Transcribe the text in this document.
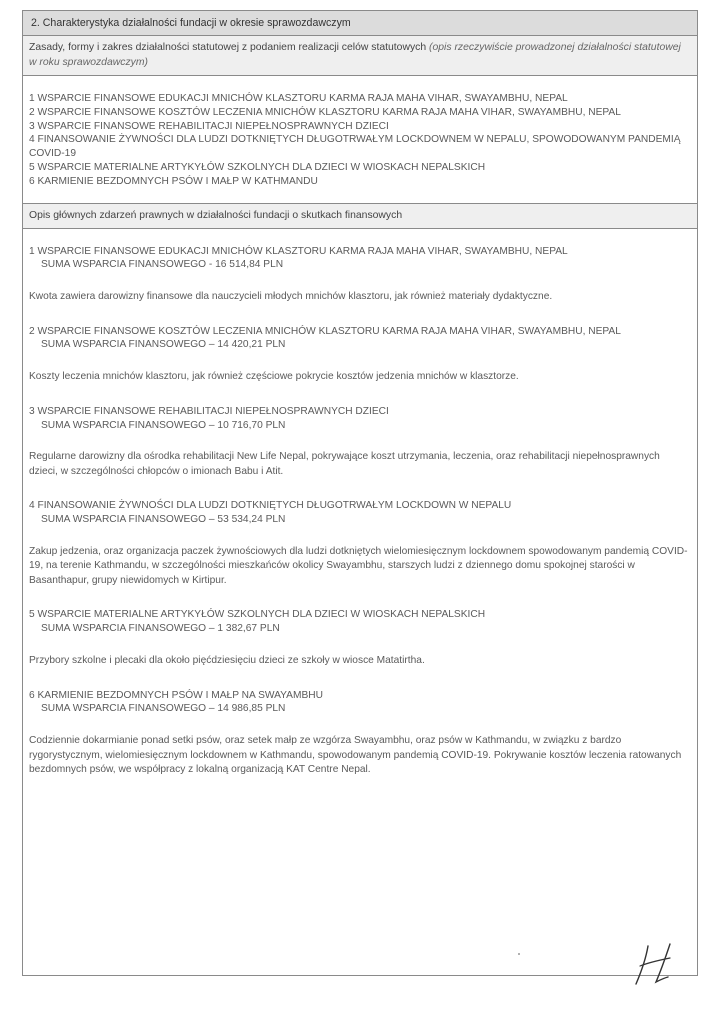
2. Charakterystyka działalności fundacji w okresie sprawozdawczym
Zasady, formy i zakres działalności statutowej z podaniem realizacji celów statutowych (opis rzeczywiście prowadzonej działalności statutowej w roku sprawozdawczym)
1 WSPARCIE FINANSOWE EDUKACJI MNICHÓW KLASZTORU KARMA RAJA MAHA VIHAR, SWAYAMBHU, NEPAL
2 WSPARCIE FINANSOWE KOSZTÓW LECZENIA MNICHÓW KLASZTORU KARMA RAJA MAHA VIHAR, SWAYAMBHU, NEPAL
3 WSPARCIE FINANSOWE REHABILITACJI NIEPEŁNOSPRAWNYCH DZIECI
4 FINANSOWANIE ŻYWNOŚCI DLA LUDZI DOTKNIĘTYCH DŁUGOTRWAŁYM LOCKDOWNEM W NEPALU, SPOWODOWANYM PANDEMIĄ COVID-19
5 WSPARCIE MATERIALNE ARTYKYŁÓW SZKOLNYCH DLA DZIECI W WIOSKACH NEPALSKICH
6 KARMIENIE BEZDOMNYCH PSÓW I MAŁP W KATHMANDU
Opis głównych zdarzeń prawnych w działalności fundacji o skutkach finansowych
1 WSPARCIE FINANSOWE EDUKACJI MNICHÓW KLASZTORU KARMA RAJA MAHA VIHAR, SWAYAMBHU, NEPAL
SUMA WSPARCIA FINANSOWEGO - 16 514,84 PLN
Kwota zawiera darowizny finansowe dla nauczycieli młodych mnichów klasztoru, jak również materiały dydaktyczne.
2 WSPARCIE FINANSOWE KOSZTÓW LECZENIA MNICHÓW KLASZTORU KARMA RAJA MAHA VIHAR, SWAYAMBHU, NEPAL
SUMA WSPARCIA FINANSOWEGO – 14 420,21 PLN
Koszty leczenia mnichów klasztoru, jak również częściowe pokrycie kosztów jedzenia mnichów w klasztorze.
3 WSPARCIE FINANSOWE REHABILITACJI NIEPEŁNOSPRAWNYCH DZIECI
SUMA WSPARCIA FINANSOWEGO – 10 716,70 PLN
Regularne darowizny dla ośrodka rehabilitacji New Life Nepal, pokrywające koszt utrzymania, leczenia, oraz rehabilitacji niepełnosprawnych dzieci, w szczególności chłopców o imionach Babu i Atit.
4 FINANSOWANIE ŻYWNOŚCI DLA LUDZI DOTKNIĘTYCH DŁUGOTRWAŁYM LOCKDOWN W NEPALU
SUMA WSPARCIA FINANSOWEGO – 53 534,24 PLN
Zakup jedzenia, oraz organizacja paczek żywnościowych dla ludzi dotkniętych wielomiesięcznym lockdownem spowodowanym pandemią COVID-19, na terenie Kathmandu, w szczególności mieszkańców okolicy Swayambhu, starszych ludzi z dziennego domu spokojnej starości w Basanthapur, grupy niewidomych w Kirtipur.
5 WSPARCIE MATERIALNE ARTYKYŁÓW SZKOLNYCH DLA DZIECI W WIOSKACH NEPALSKICH
SUMA WSPARCIA FINANSOWEGO – 1 382,67 PLN
Przybory szkolne i plecaki dla około pięćdziesięciu dzieci ze szkoły w wiosce Matatirtha.
6 KARMIENIE BEZDOMNYCH PSÓW I MAŁP NA SWAYAMBHU
SUMA WSPARCIA FINANSOWEGO – 14 986,85 PLN
Codziennie dokarmianie ponad setki psów, oraz setek małp ze wzgórza Swayambhu, oraz psów w Kathmandu, w związku z bardzo rygorystycznym, wielomiesięcznym lockdownem w Kathmandu, spowodowanym pandemią COVID-19. Pokrywanie kosztów leczenia ratowanych bezdomnych psów, we współpracy z lokalną organizacją KAT Centre Nepal.
